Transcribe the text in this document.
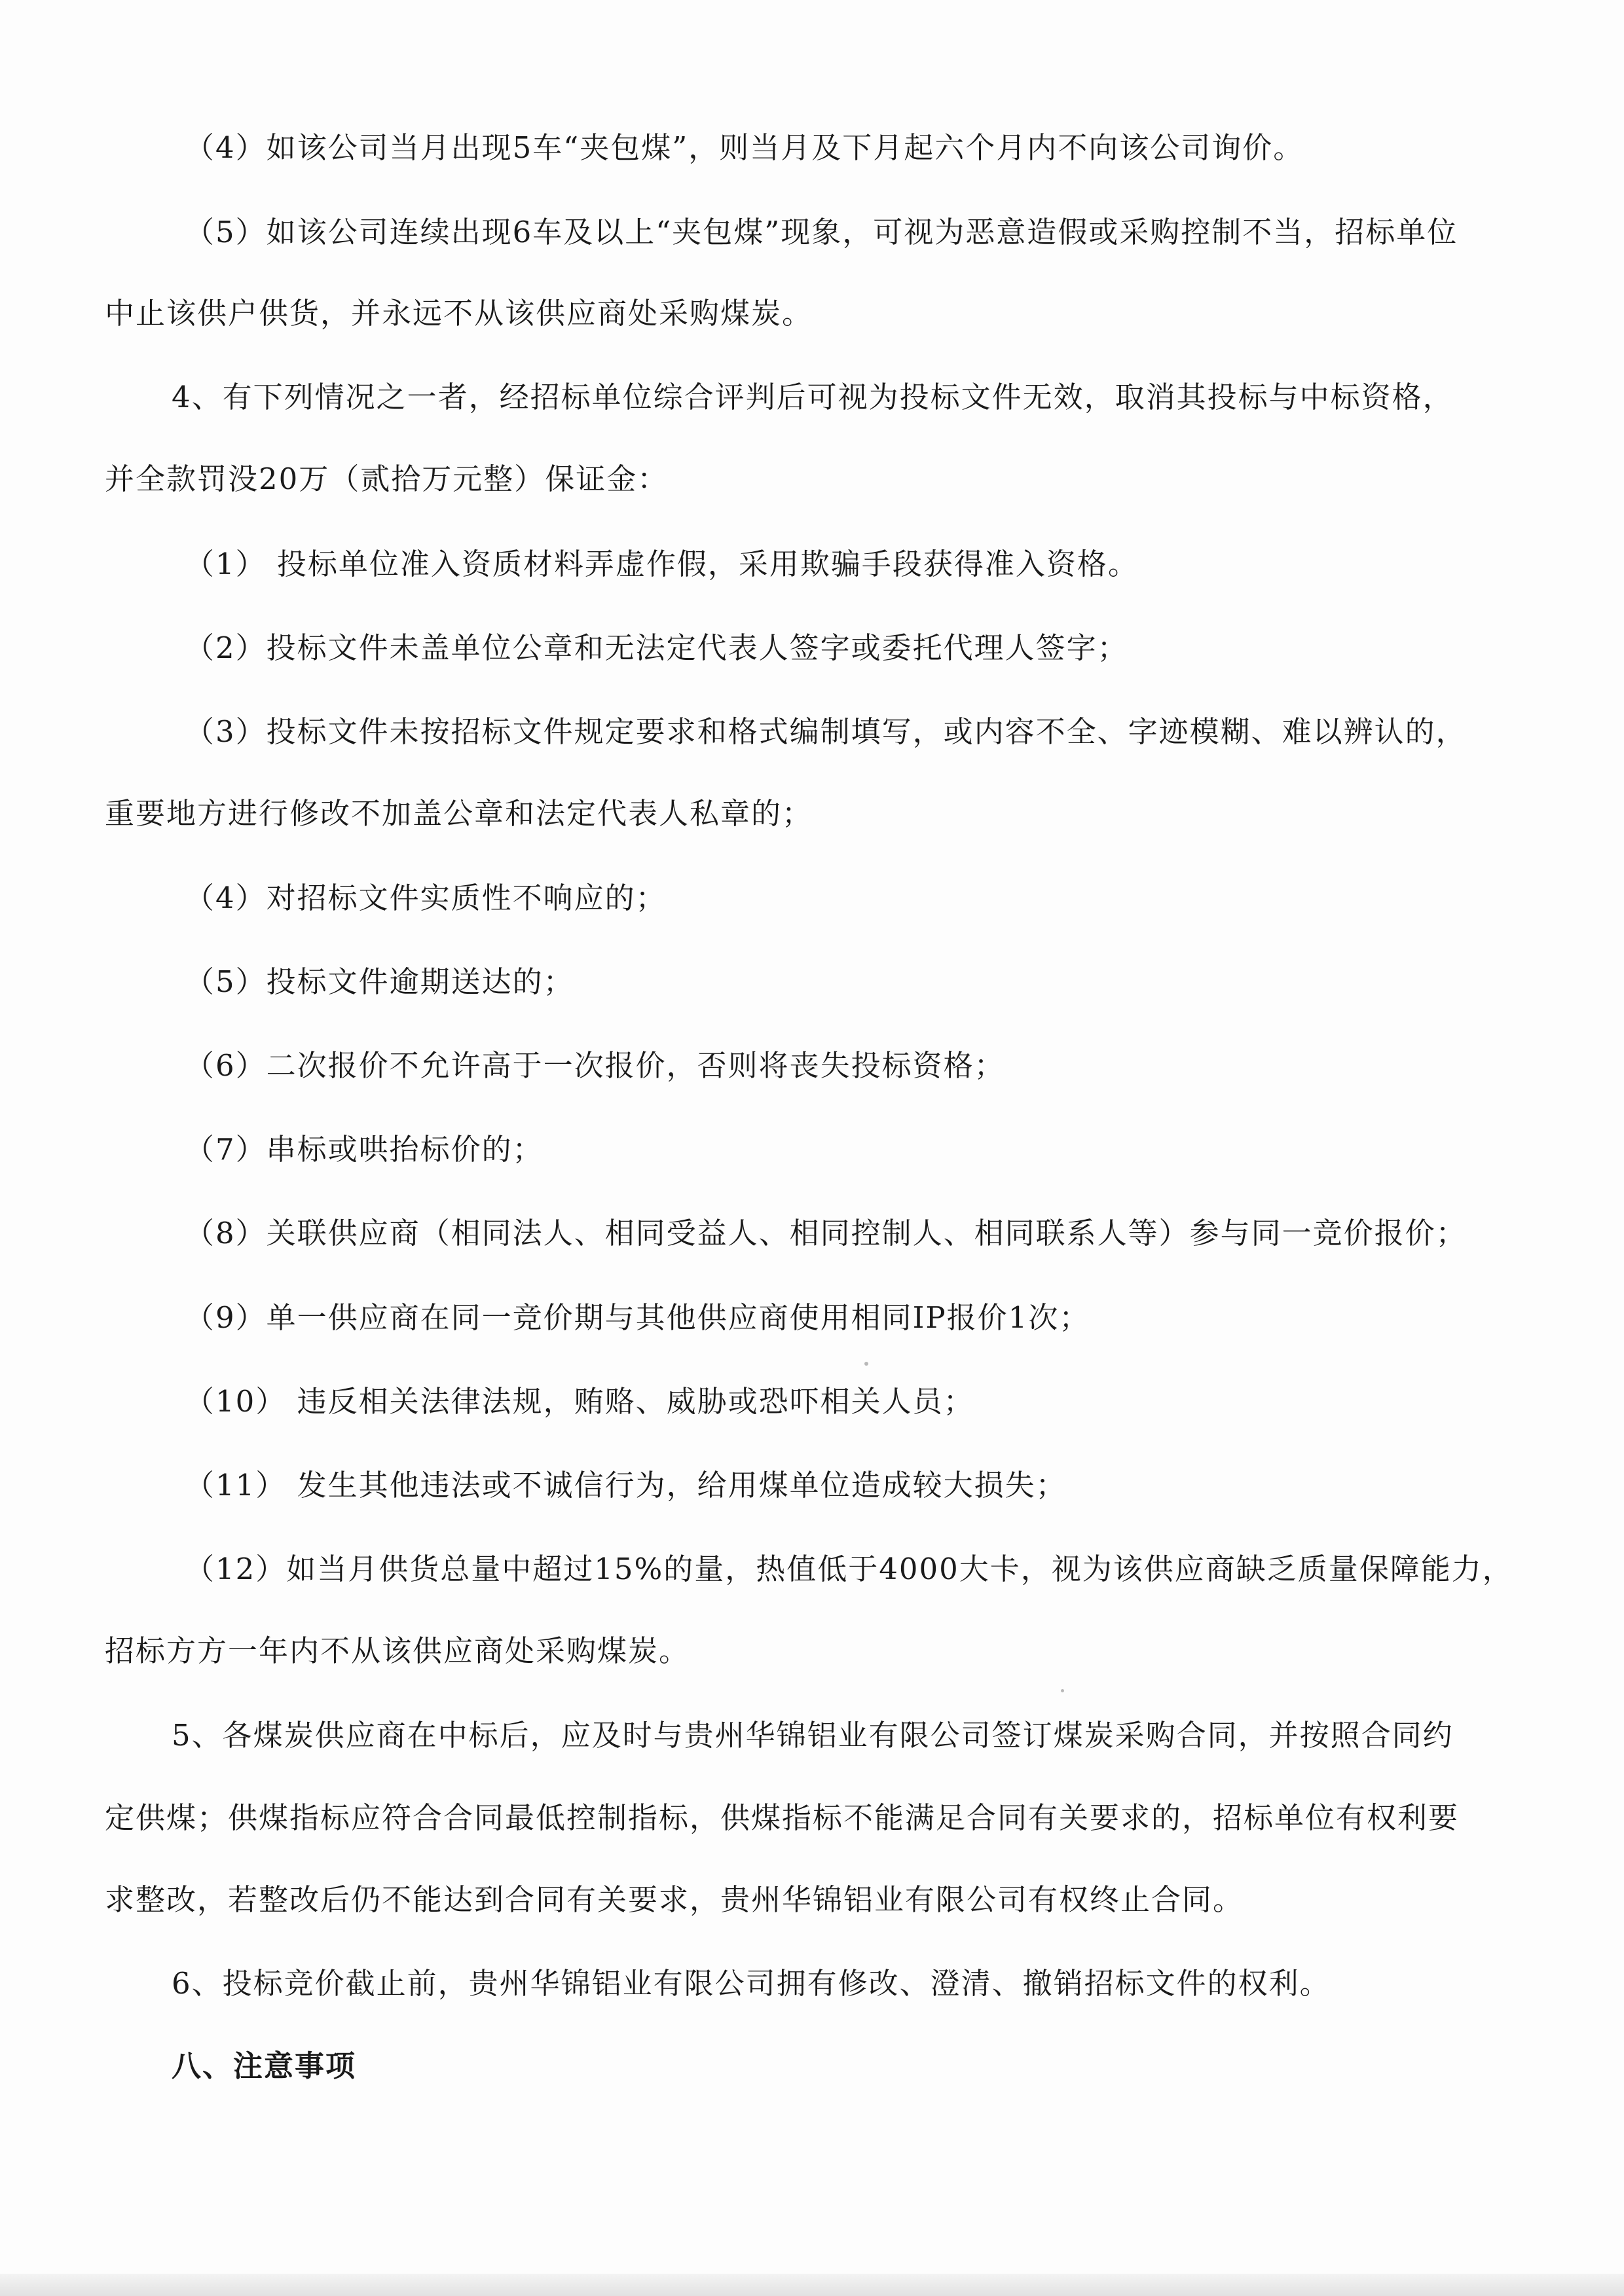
（4）如该公司当月出现5车“夹包煤”，则当月及下月起六个月内不向该公司询价。
（5）如该公司连续出现6车及以上“夹包煤”现象，可视为恶意造假或采购控制不当，招标单位
中止该供户供货，并永远不从该供应商处采购煤炭。
4、有下列情况之一者，经招标单位综合评判后可视为投标文件无效，取消其投标与中标资格，
并全款罚没20万（贰拾万元整）保证金：
（1） 投标单位准入资质材料弄虚作假，采用欺骗手段获得准入资格。
（2）投标文件未盖单位公章和无法定代表人签字或委托代理人签字；
（3）投标文件未按招标文件规定要求和格式编制填写，或内容不全、字迹模糊、难以辨认的，
重要地方进行修改不加盖公章和法定代表人私章的；
（4）对招标文件实质性不响应的；
（5）投标文件逾期送达的；
（6）二次报价不允许高于一次报价，否则将丧失投标资格；
（7）串标或哄抬标价的；
（8）关联供应商（相同法人、相同受益人、相同控制人、相同联系人等）参与同一竞价报价；
（9）单一供应商在同一竞价期与其他供应商使用相同IP报价1次；
（10） 违反相关法律法规，贿赂、威胁或恐吓相关人员；
（11） 发生其他违法或不诚信行为，给用煤单位造成较大损失；
（12）如当月供货总量中超过15%的量，热值低于4000大卡，视为该供应商缺乏质量保障能力，
招标方方一年内不从该供应商处采购煤炭。
5、各煤炭供应商在中标后，应及时与贵州华锦铝业有限公司签订煤炭采购合同，并按照合同约
定供煤；供煤指标应符合合同最低控制指标，供煤指标不能满足合同有关要求的，招标单位有权利要
求整改，若整改后仍不能达到合同有关要求，贵州华锦铝业有限公司有权终止合同。
6、投标竞价截止前，贵州华锦铝业有限公司拥有修改、澄清、撤销招标文件的权利。
八、注意事项
